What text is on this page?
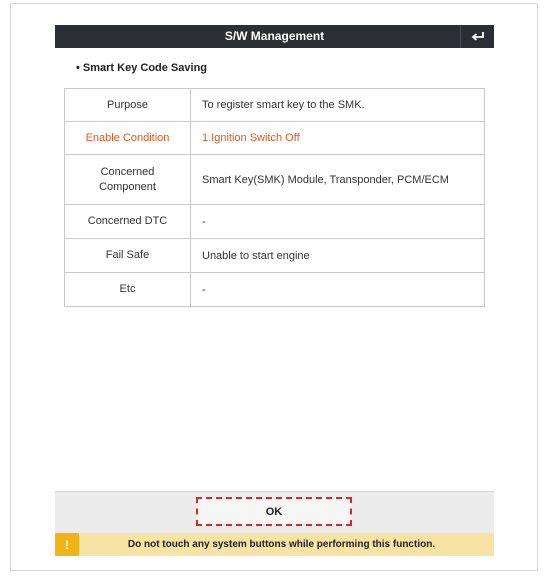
S/W Management
• Smart Key Code Saving
Purpose	To register smart key to the SMK.
Enable Condition	1.Ignition Switch Off
Concerned Component	Smart Key(SMK) Module, Transponder, PCM/ECM
Concerned DTC	-
Fail Safe	Unable to start engine
Etc	-
OK
!	Do not touch any system buttons while performing this function.
